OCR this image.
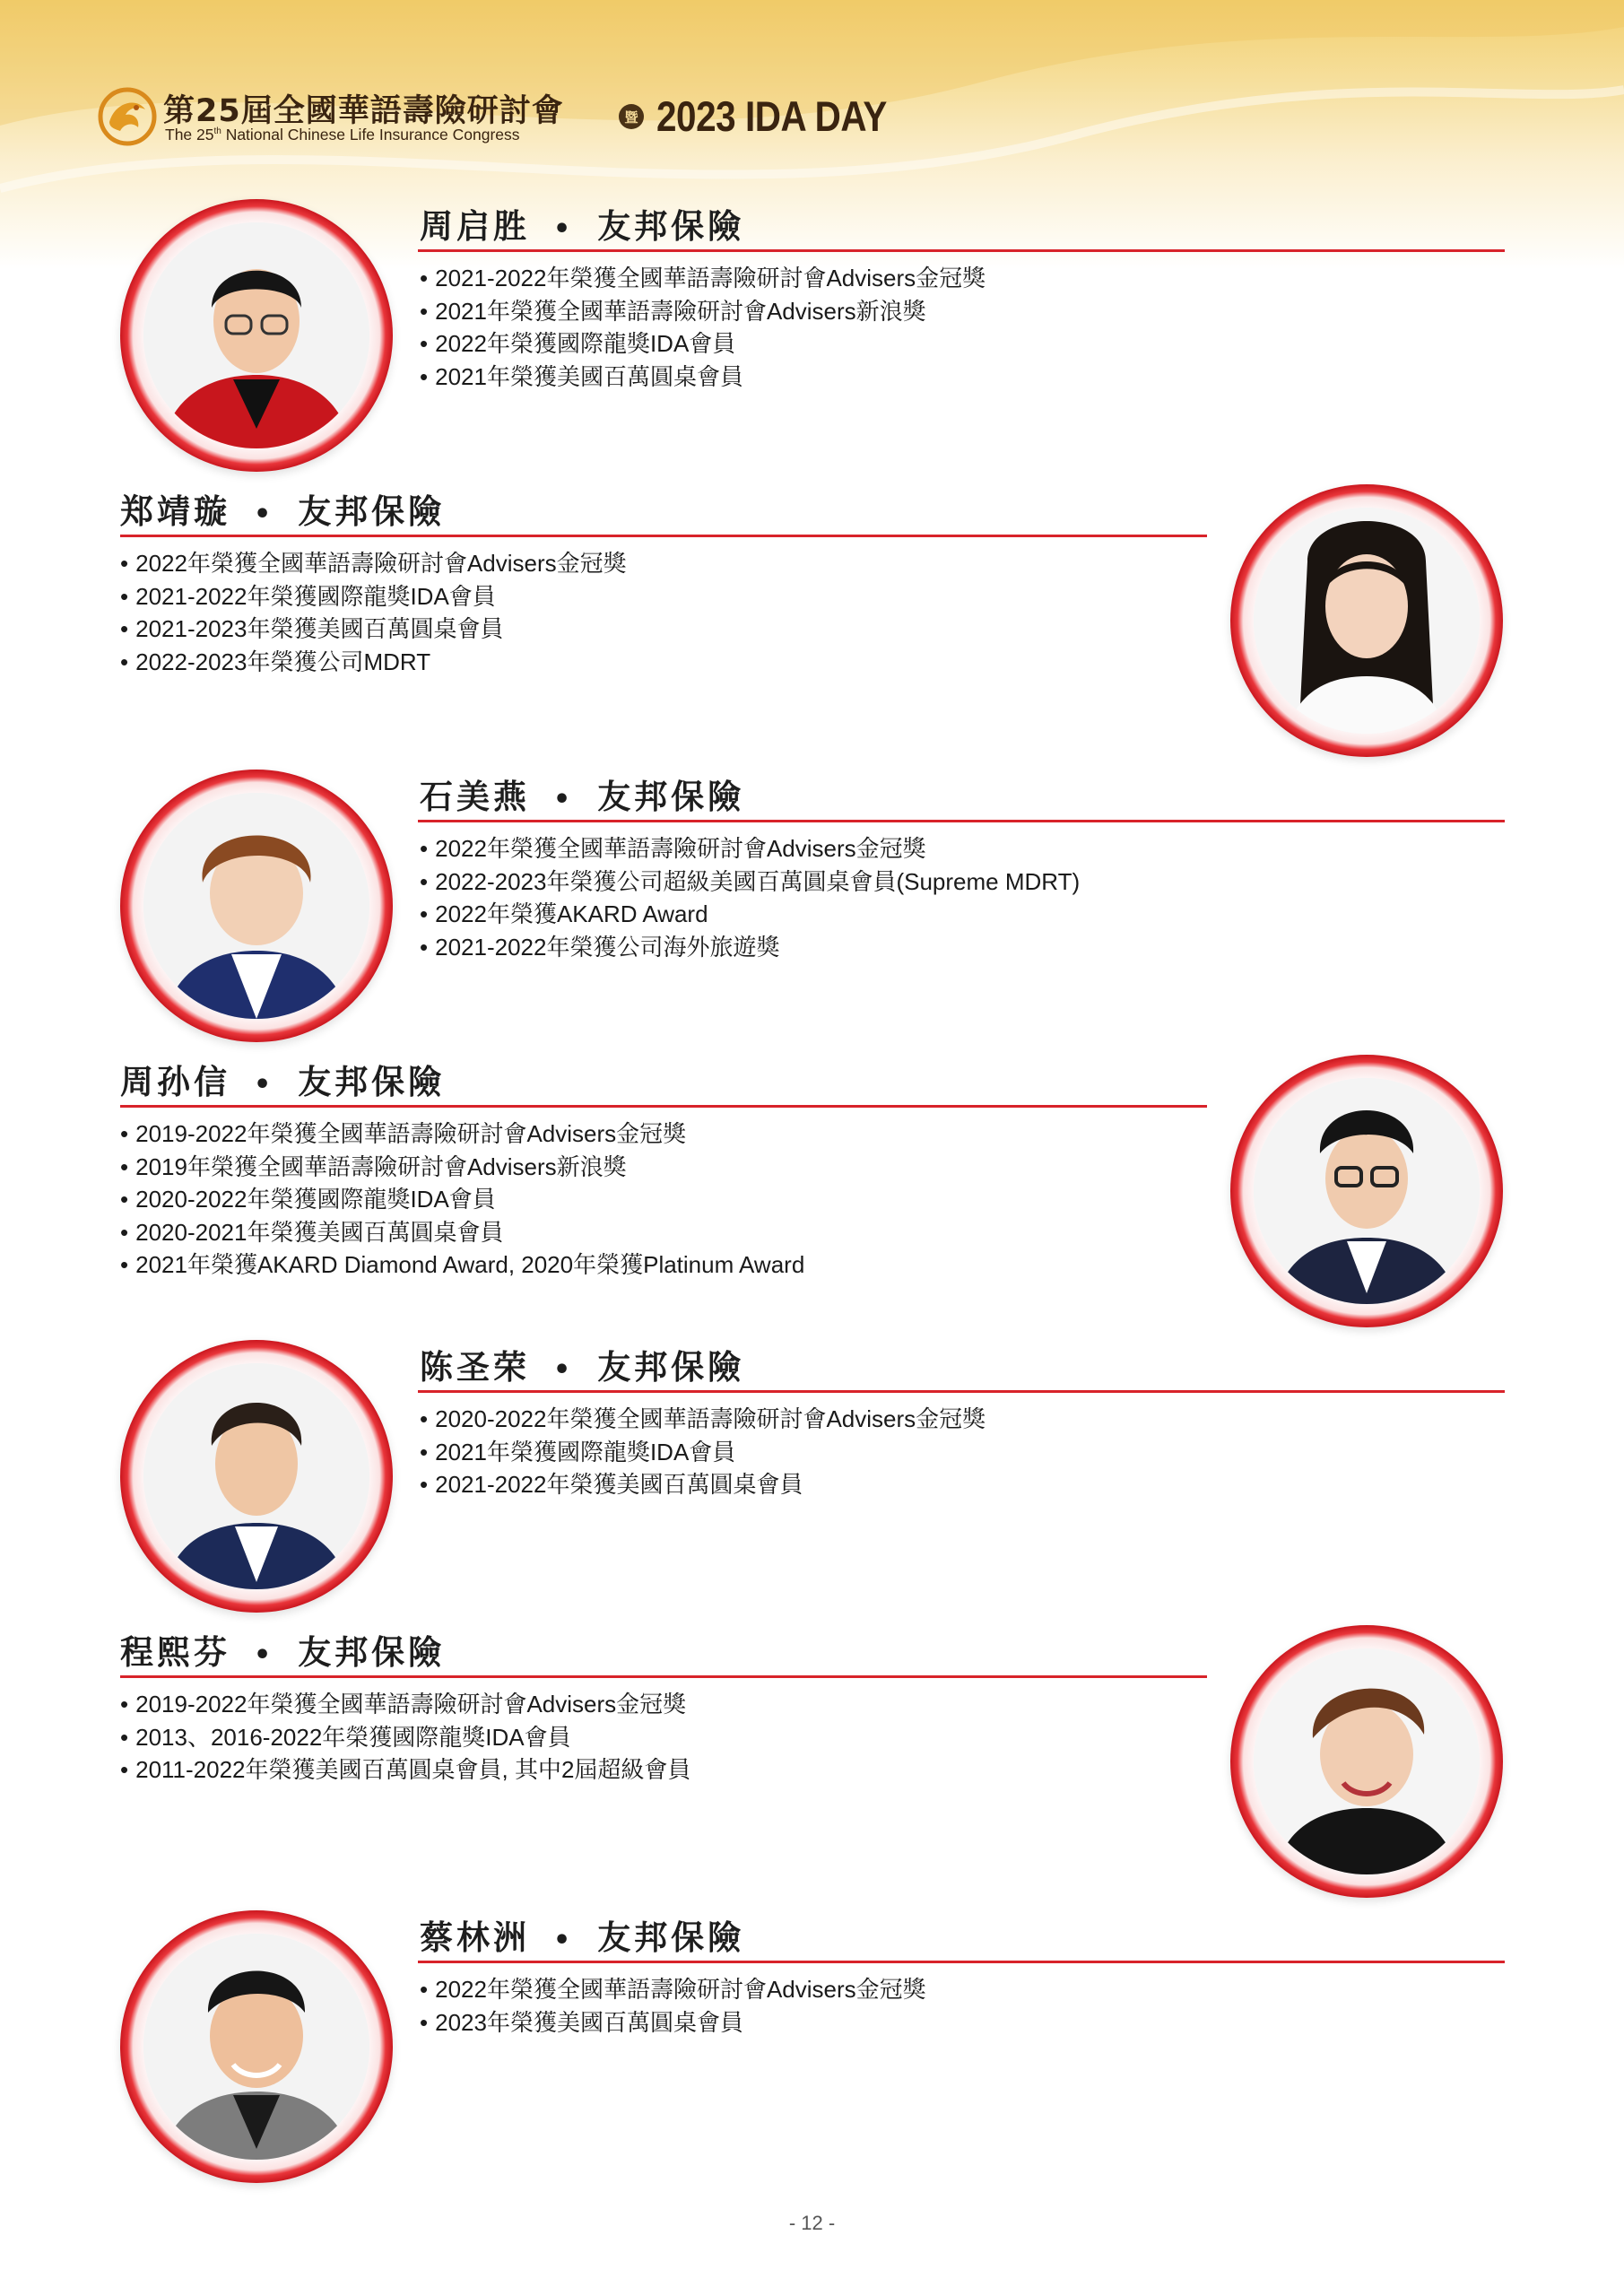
第25屆全國華語壽險研討會
The 25th National Chinese Life Insurance Congress
暨 2023 IDA DAY
周启胜 • 友邦保險
• 2021-2022年榮獲全國華語壽險研討會Advisers金冠獎
• 2021年榮獲全國華語壽險研討會Advisers新浪獎
• 2022年榮獲國際龍獎IDA會員
• 2021年榮獲美國百萬圓桌會員
郑靖璇 • 友邦保險
• 2022年榮獲全國華語壽險研討會Advisers金冠獎
• 2021-2022年榮獲國際龍獎IDA會員
• 2021-2023年榮獲美國百萬圓桌會員
• 2022-2023年榮獲公司MDRT
石美燕 • 友邦保險
• 2022年榮獲全國華語壽險研討會Advisers金冠獎
• 2022-2023年榮獲公司超級美國百萬圓桌會員(Supreme MDRT)
• 2022年榮獲AKARD Award
• 2021-2022年榮獲公司海外旅遊獎
周孙信 • 友邦保險
• 2019-2022年榮獲全國華語壽險研討會Advisers金冠獎
• 2019年榮獲全國華語壽險研討會Advisers新浪獎
• 2020-2022年榮獲國際龍獎IDA會員
• 2020-2021年榮獲美國百萬圓桌會員
• 2021年榮獲AKARD Diamond Award, 2020年榮獲Platinum Award
陈圣荣 • 友邦保險
• 2020-2022年榮獲全國華語壽險研討會Advisers金冠獎
• 2021年榮獲國際龍獎IDA會員
• 2021-2022年榮獲美國百萬圓桌會員
程熙芬 • 友邦保險
• 2019-2022年榮獲全國華語壽險研討會Advisers金冠獎
• 2013、2016-2022年榮獲國際龍獎IDA會員
• 2011-2022年榮獲美國百萬圓桌會員, 其中2屆超級會員
蔡林洲 • 友邦保險
• 2022年榮獲全國華語壽險研討會Advisers金冠獎
• 2023年榮獲美國百萬圓桌會員
- 12 -
